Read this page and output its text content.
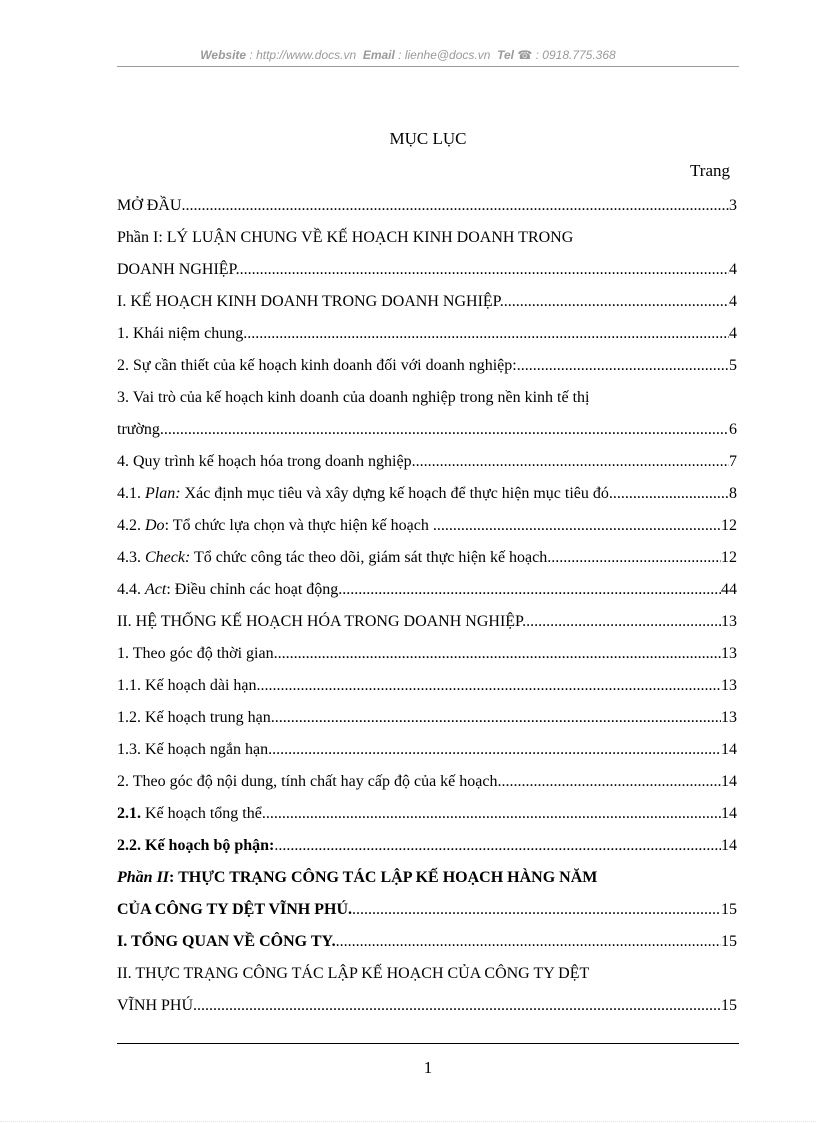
Website : http://www.docs.vn Email : lienhe@docs.vn Tel ☎ : 0918.775.368
MỤC LỤC
Trang
MỞ ĐẦU .....	3
Phần I: LÝ LUẬN CHUNG VỀ KẾ HOẠCH KINH DOANH TRONG
DOANH NGHIỆP. .....	4
I. KẾ HOẠCH KINH DOANH TRONG DOANH NGHIỆP. .....	4
1. Khái niệm chung .....	4
2. Sự cần thiết của kế hoạch kinh doanh đối với doanh nghiệp: .....	5
3. Vai trò của kế hoạch kinh doanh của doanh nghiệp trong nền kinh tế thị
trường .....	6
4. Quy trình kế hoạch hóa trong doanh nghiệp .....	7
4.1. Plan: Xác định mục tiêu và xây dựng kế hoạch để thực hiện mục tiêu đó. .....	8
4.2. Do: Tổ chức lựa chọn và thực hiện kế hoạch . .....	12
4.3. Check: Tổ chức công tác theo dõi, giám sát thực hiện kế hoạch .....	12
4.4. Act: Điều chỉnh các hoạt động .....	44
II. HỆ THỐNG KẾ HOẠCH HÓA TRONG DOANH NGHIỆP. .....	13
1. Theo góc độ thời gian. .....	13
1.1. Kế hoạch dài hạn. .....	13
1.2. Kế hoạch trung hạn. .....	13
1.3. Kế hoạch ngắn hạn. .....	14
2. Theo góc độ nội dung, tính chất hay cấp độ của kế hoạch .....	14
2.1. Kế hoạch tổng thể .....	14
2.2. Kế hoạch bộ phận: .....	14
Phần II: THỰC TRẠNG CÔNG TÁC LẬP KẾ HOẠCH HÀNG NĂM
CỦA CÔNG TY DỆT VĨNH PHÚ. .....	15
I. TỔNG QUAN VỀ CÔNG TY. .....	15
II. THỰC TRẠNG CÔNG TÁC LẬP KẾ HOẠCH CỦA CÔNG TY DỆT
VĨNH PHÚ. .....	15
1
